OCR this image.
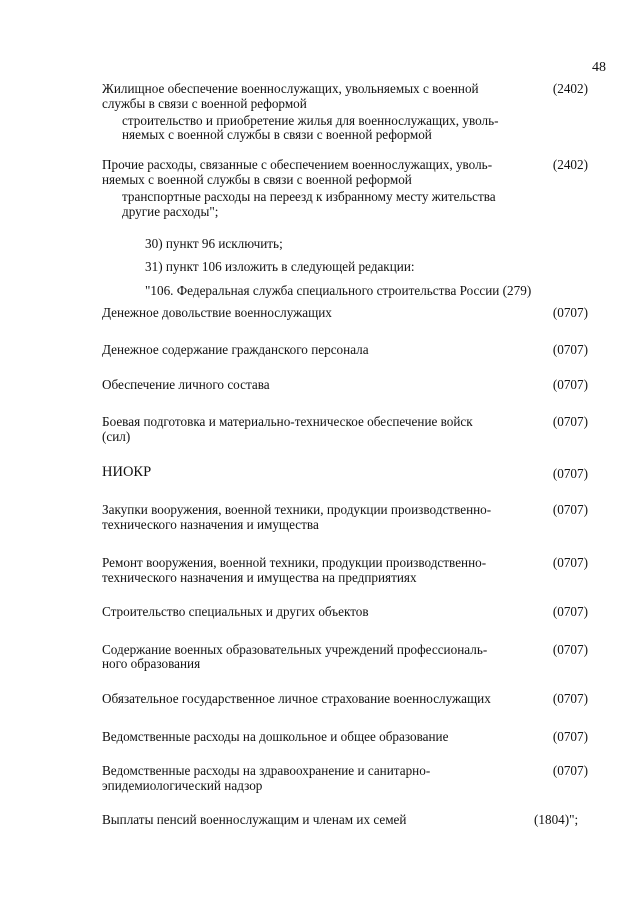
48
Жилищное обеспечение военнослужащих, увольняемых с военной	(2402)
службы в связи с военной реформой
строительство и приобретение жилья для военнослужащих, уволь-
няемых с военной службы в связи с военной реформой
Прочие расходы, связанные с обеспечением военнослужащих, уволь-	(2402)
няемых с военной службы в связи с военной реформой
транспортные расходы на переезд к избранному месту жительства
другие расходы";
30) пункт 96 исключить;
31) пункт 106 изложить в следующей редакции:
"106. Федеральная служба специального строительства России (279)
Денежное довольствие военнослужащих	(0707)
Денежное содержание гражданского персонала	(0707)
Обеспечение личного состава	(0707)
Боевая подготовка и материально-техническое обеспечение войск	(0707)
(сил)
НИОКР	(0707)
Закупки вооружения, военной техники, продукции производственно-	(0707)
технического назначения и имущества
Ремонт вооружения, военной техники, продукции производственно-	(0707)
технического назначения и имущества на предприятиях
Строительство специальных и других объектов	(0707)
Содержание военных образовательных учреждений профессиональ-	(0707)
ного образования
Обязательное государственное личное страхование военнослужащих	(0707)
Ведомственные расходы на дошкольное и общее образование	(0707)
Ведомственные расходы на здравоохранение и санитарно-	(0707)
эпидемиологический надзор
Выплаты пенсий военнослужащим и членам их семей	(1804)";
